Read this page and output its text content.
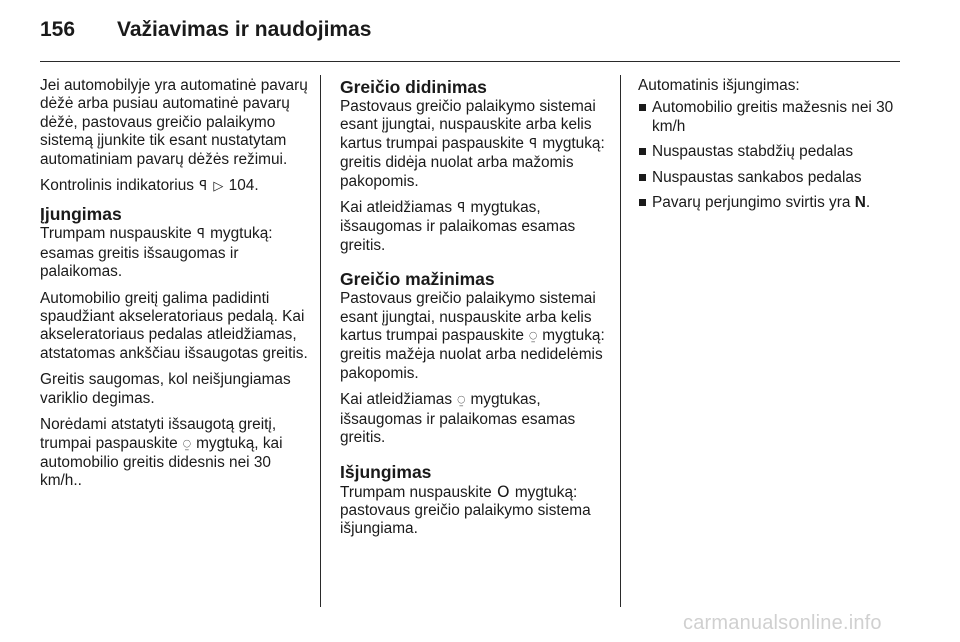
156 Važiavimas ir naudojimas

Jei automobilyje yra automatinė pavarų dėžė arba pusiau automatinė pavarų dėžė, pastovaus greičio palaikymo sistemą įjunkite tik esant nustatytam automatiniam pavarų dėžės režimui.

Kontrolinis indikatorius ꟼ ▷ 104.

Įjungimas

Trumpam nuspauskite ꟼ mygtuką: esamas greitis išsaugomas ir palaikomas.

Automobilio greitį galima padidinti spaudžiant akseleratoriaus pedalą. Kai akseleratoriaus pedalas atleidžiamas, atstatomas ankščiau išsaugotas greitis.

Greitis saugomas, kol neišjungiamas variklio degimas.

Norėdami atstatyti išsaugotą greitį, trumpai paspauskite ⍜ mygtuką, kai automobilio greitis didesnis nei 30 km/h..

Greičio didinimas

Pastovaus greičio palaikymo sistemai esant įjungtai, nuspauskite arba kelis kartus trumpai paspauskite ꟼ mygtuką: greitis didėja nuolat arba mažomis pakopomis.

Kai atleidžiamas ꟼ mygtukas, išsaugomas ir palaikomas esamas greitis.

Greičio mažinimas

Pastovaus greičio palaikymo sistemai esant įjungtai, nuspauskite arba kelis kartus trumpai paspauskite ⍜ mygtuką: greitis mažėja nuolat arba nedidelėmis pakopomis.

Kai atleidžiamas ⍜ mygtukas, išsaugomas ir palaikomas esamas greitis.

Išjungimas

Trumpam nuspauskite O mygtuką: pastovaus greičio palaikymo sistema išjungiama.

Automatinis išjungimas:
Automobilio greitis mažesnis nei 30 km/h
Nuspaustas stabdžių pedalas
Nuspaustas sankabos pedalas
Pavarų perjungimo svirtis yra N.
carmanualsonline.info
